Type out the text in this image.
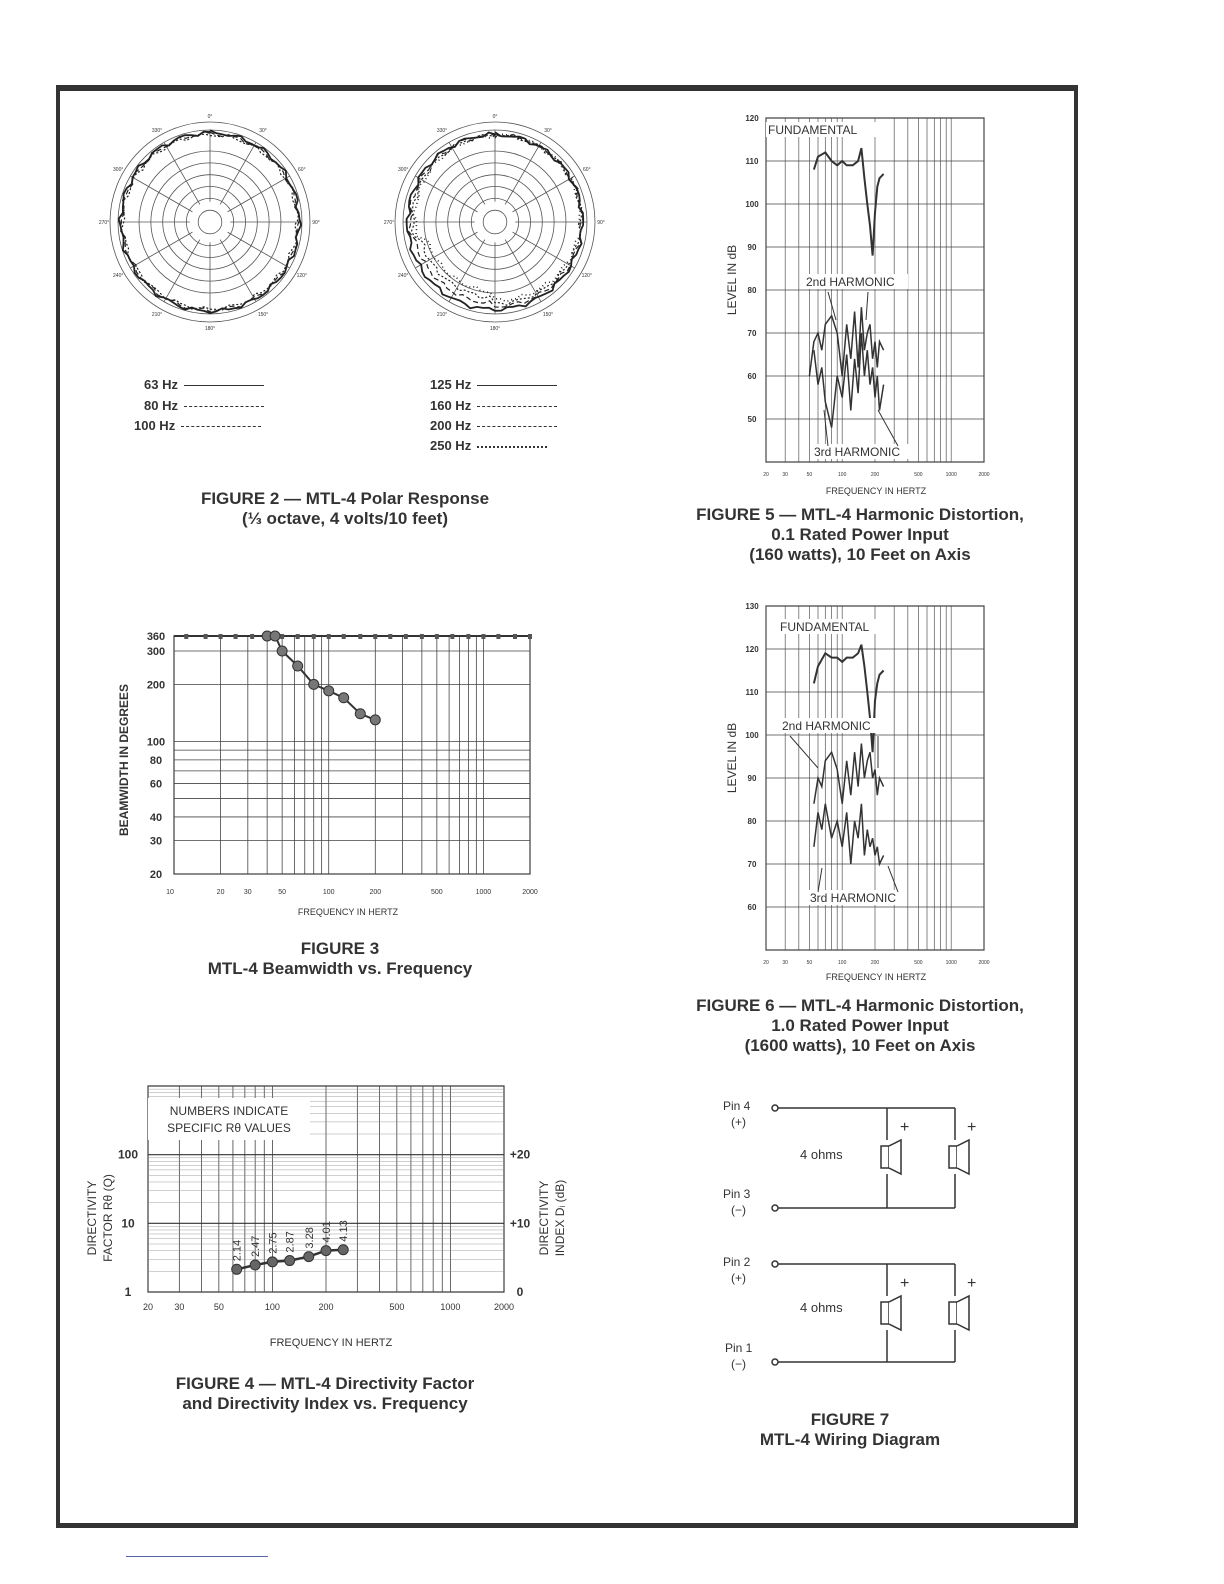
0°
30°
60°
90°
120°
150°
180°
210°
240°
270°
300°
330°
0°
30°
60°
90°
120°
150°
180°
210°
240°
270°
300°
330°
63 Hz
80 Hz
100 Hz
125 Hz
160 Hz
200 Hz
250 Hz
FIGURE 2 — MTL-4 Polar Response
(⅓ octave, 4 volts/10 feet)
BEAMWIDTH IN DEGREES
360
300
200
100
80
60
40
30
20
10	20	30	50	100	200	500	1000	2000
FREQUENCY IN HERTZ
FIGURE 3
MTL-4 Beamwidth vs. Frequency
DIRECTIVITY FACTOR Rθ (Q)	DIRECTIVITY INDEX Dᵢ (dB)
NUMBERS INDICATE
SPECIFIC Rθ VALUES
100
10
1
+20
+10
0
20 30	50	100	200	500	1000	2000
2.14 2.47 2.75 2.87 3.28 4.01 4.13
FREQUENCY IN HERTZ
FIGURE 4 — MTL-4 Directivity Factor
and Directivity Index vs. Frequency
LEVEL IN dB
120
110
100
90
80
70
60
50
20	30	50	100	200	500	1000	2000
FUNDAMENTAL
2nd HARMONIC
3rd HARMONIC
FREQUENCY IN HERTZ
FIGURE 5 — MTL-4 Harmonic Distortion,
0.1 Rated Power Input
(160 watts), 10 Feet on Axis
LEVEL IN dB
130
120
110
100
90
80
70
60
20	30	50	100	200	500	1000	2000
FUNDAMENTAL
2nd HARMONIC
3rd HARMONIC
FREQUENCY IN HERTZ
FIGURE 6 — MTL-4 Harmonic Distortion,
1.0 Rated Power Input
(1600 watts), 10 Feet on Axis
Pin 4
(+)
Pin 3
(−)
Pin 2
(+)
Pin 1
(−)
4 ohms
4 ohms
+	+
+	+
FIGURE 7
MTL-4 Wiring Diagram
